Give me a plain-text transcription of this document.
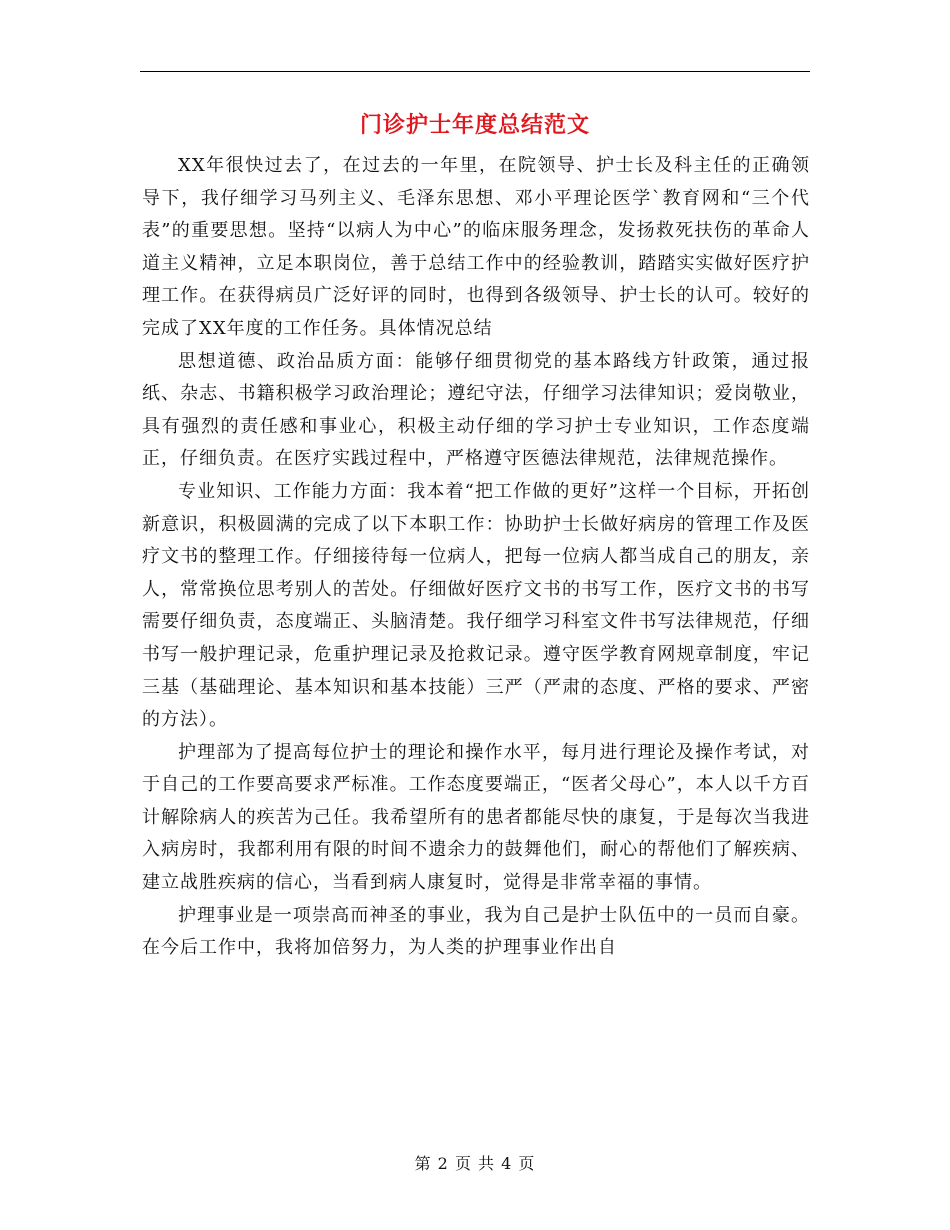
门诊护士年度总结范文

XX年很快过去了，在过去的一年里，在院领导、护士长及科主任的正确领导下，我仔细学习马列主义、毛泽东思想、邓小平理论医学`教育网和“三个代表”的重要思想。坚持“以病人为中心”的临床服务理念，发扬救死扶伤的革命人道主义精神，立足本职岗位，善于总结工作中的经验教训，踏踏实实做好医疗护理工作。在获得病员广泛好评的同时，也得到各级领导、护士长的认可。较好的完成了XX年度的工作任务。具体情况总结

思想道德、政治品质方面：能够仔细贯彻党的基本路线方针政策，通过报纸、杂志、书籍积极学习政治理论；遵纪守法，仔细学习法律知识；爱岗敬业，具有强烈的责任感和事业心，积极主动仔细的学习护士专业知识，工作态度端正，仔细负责。在医疗实践过程中，严格遵守医德法律规范，法律规范操作。

专业知识、工作能力方面：我本着“把工作做的更好”这样一个目标，开拓创新意识，积极圆满的完成了以下本职工作：协助护士长做好病房的管理工作及医疗文书的整理工作。仔细接待每一位病人，把每一位病人都当成自己的朋友，亲人，常常换位思考别人的苦处。仔细做好医疗文书的书写工作，医疗文书的书写需要仔细负责，态度端正、头脑清楚。我仔细学习科室文件书写法律规范，仔细书写一般护理记录，危重护理记录及抢救记录。遵守医学教育网规章制度，牢记三基（基础理论、基本知识和基本技能）三严（严肃的态度、严格的要求、严密的方法）。

护理部为了提高每位护士的理论和操作水平，每月进行理论及操作考试，对于自己的工作要高要求严标准。工作态度要端正，“医者父母心”，本人以千方百计解除病人的疾苦为己任。我希望所有的患者都能尽快的康复，于是每次当我进入病房时，我都利用有限的时间不遗余力的鼓舞他们，耐心的帮他们了解疾病、建立战胜疾病的信心，当看到病人康复时，觉得是非常幸福的事情。

护理事业是一项崇高而神圣的事业，我为自己是护士队伍中的一员而自豪。在今后工作中，我将加倍努力，为人类的护理事业作出自

第 2 页 共 4 页
